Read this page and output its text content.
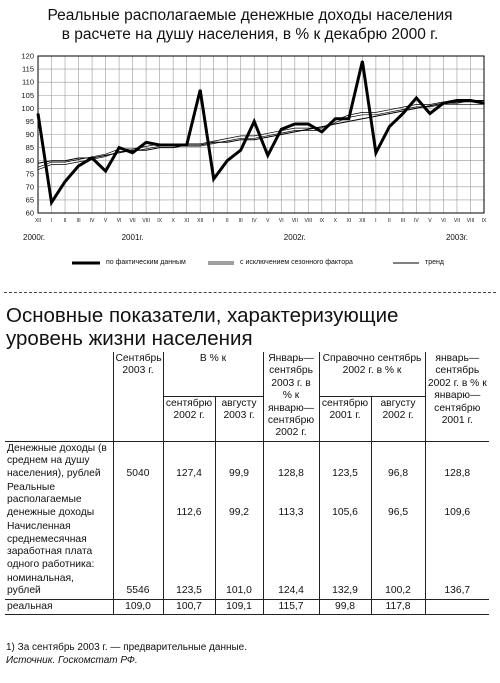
Реальные располагаемые денежные доходы населения
в расчете на душу населения, в % к декабрю 2000 г.
60
65
70
75
80
85
90
95
100
105
110
115
120
XII I II III IV V VI VII VIII IX X XI XII I II III IV V VI VII VIII IX X XI XII I II III IV V VI VII VIII IX
2000г.	2001г.	2002г.	2003г.
по фактическим данным	с исключением сезонного фактора	тренд
Основные показатели, характеризующие
уровень жизни населения
	Сентябрь 2003 г.	В % к		Январь— сентябрь 2003 г. в % к январю— сентябрю 2002 г.	Справочно сентябрь 2002 г. в % к		январь— сентябрь 2002 г. в % к январю— сентябрю 2001 г.
		сентябрю 2002 г.	августу 2003 г.		сентябрю 2001 г.	августу 2002 г.	
Денежные доходы (в среднем на душу населения), рублей	5040	127,4	99,9	128,8	123,5	96,8	128,8
Реальные располагаемые денежные доходы		112,6	99,2	113,3	105,6	96,5	109,6
Начисленная среднемесячная заработная плата одного работника:							
номинальная, рублей	5546	123,5	101,0	124,4	132,9	100,2	136,7
реальная	109,0	100,7	109,1	115,7	99,8	117,8	
1) За сентябрь 2003 г. — предварительные данные.
Источник. Госкомстат РФ.
